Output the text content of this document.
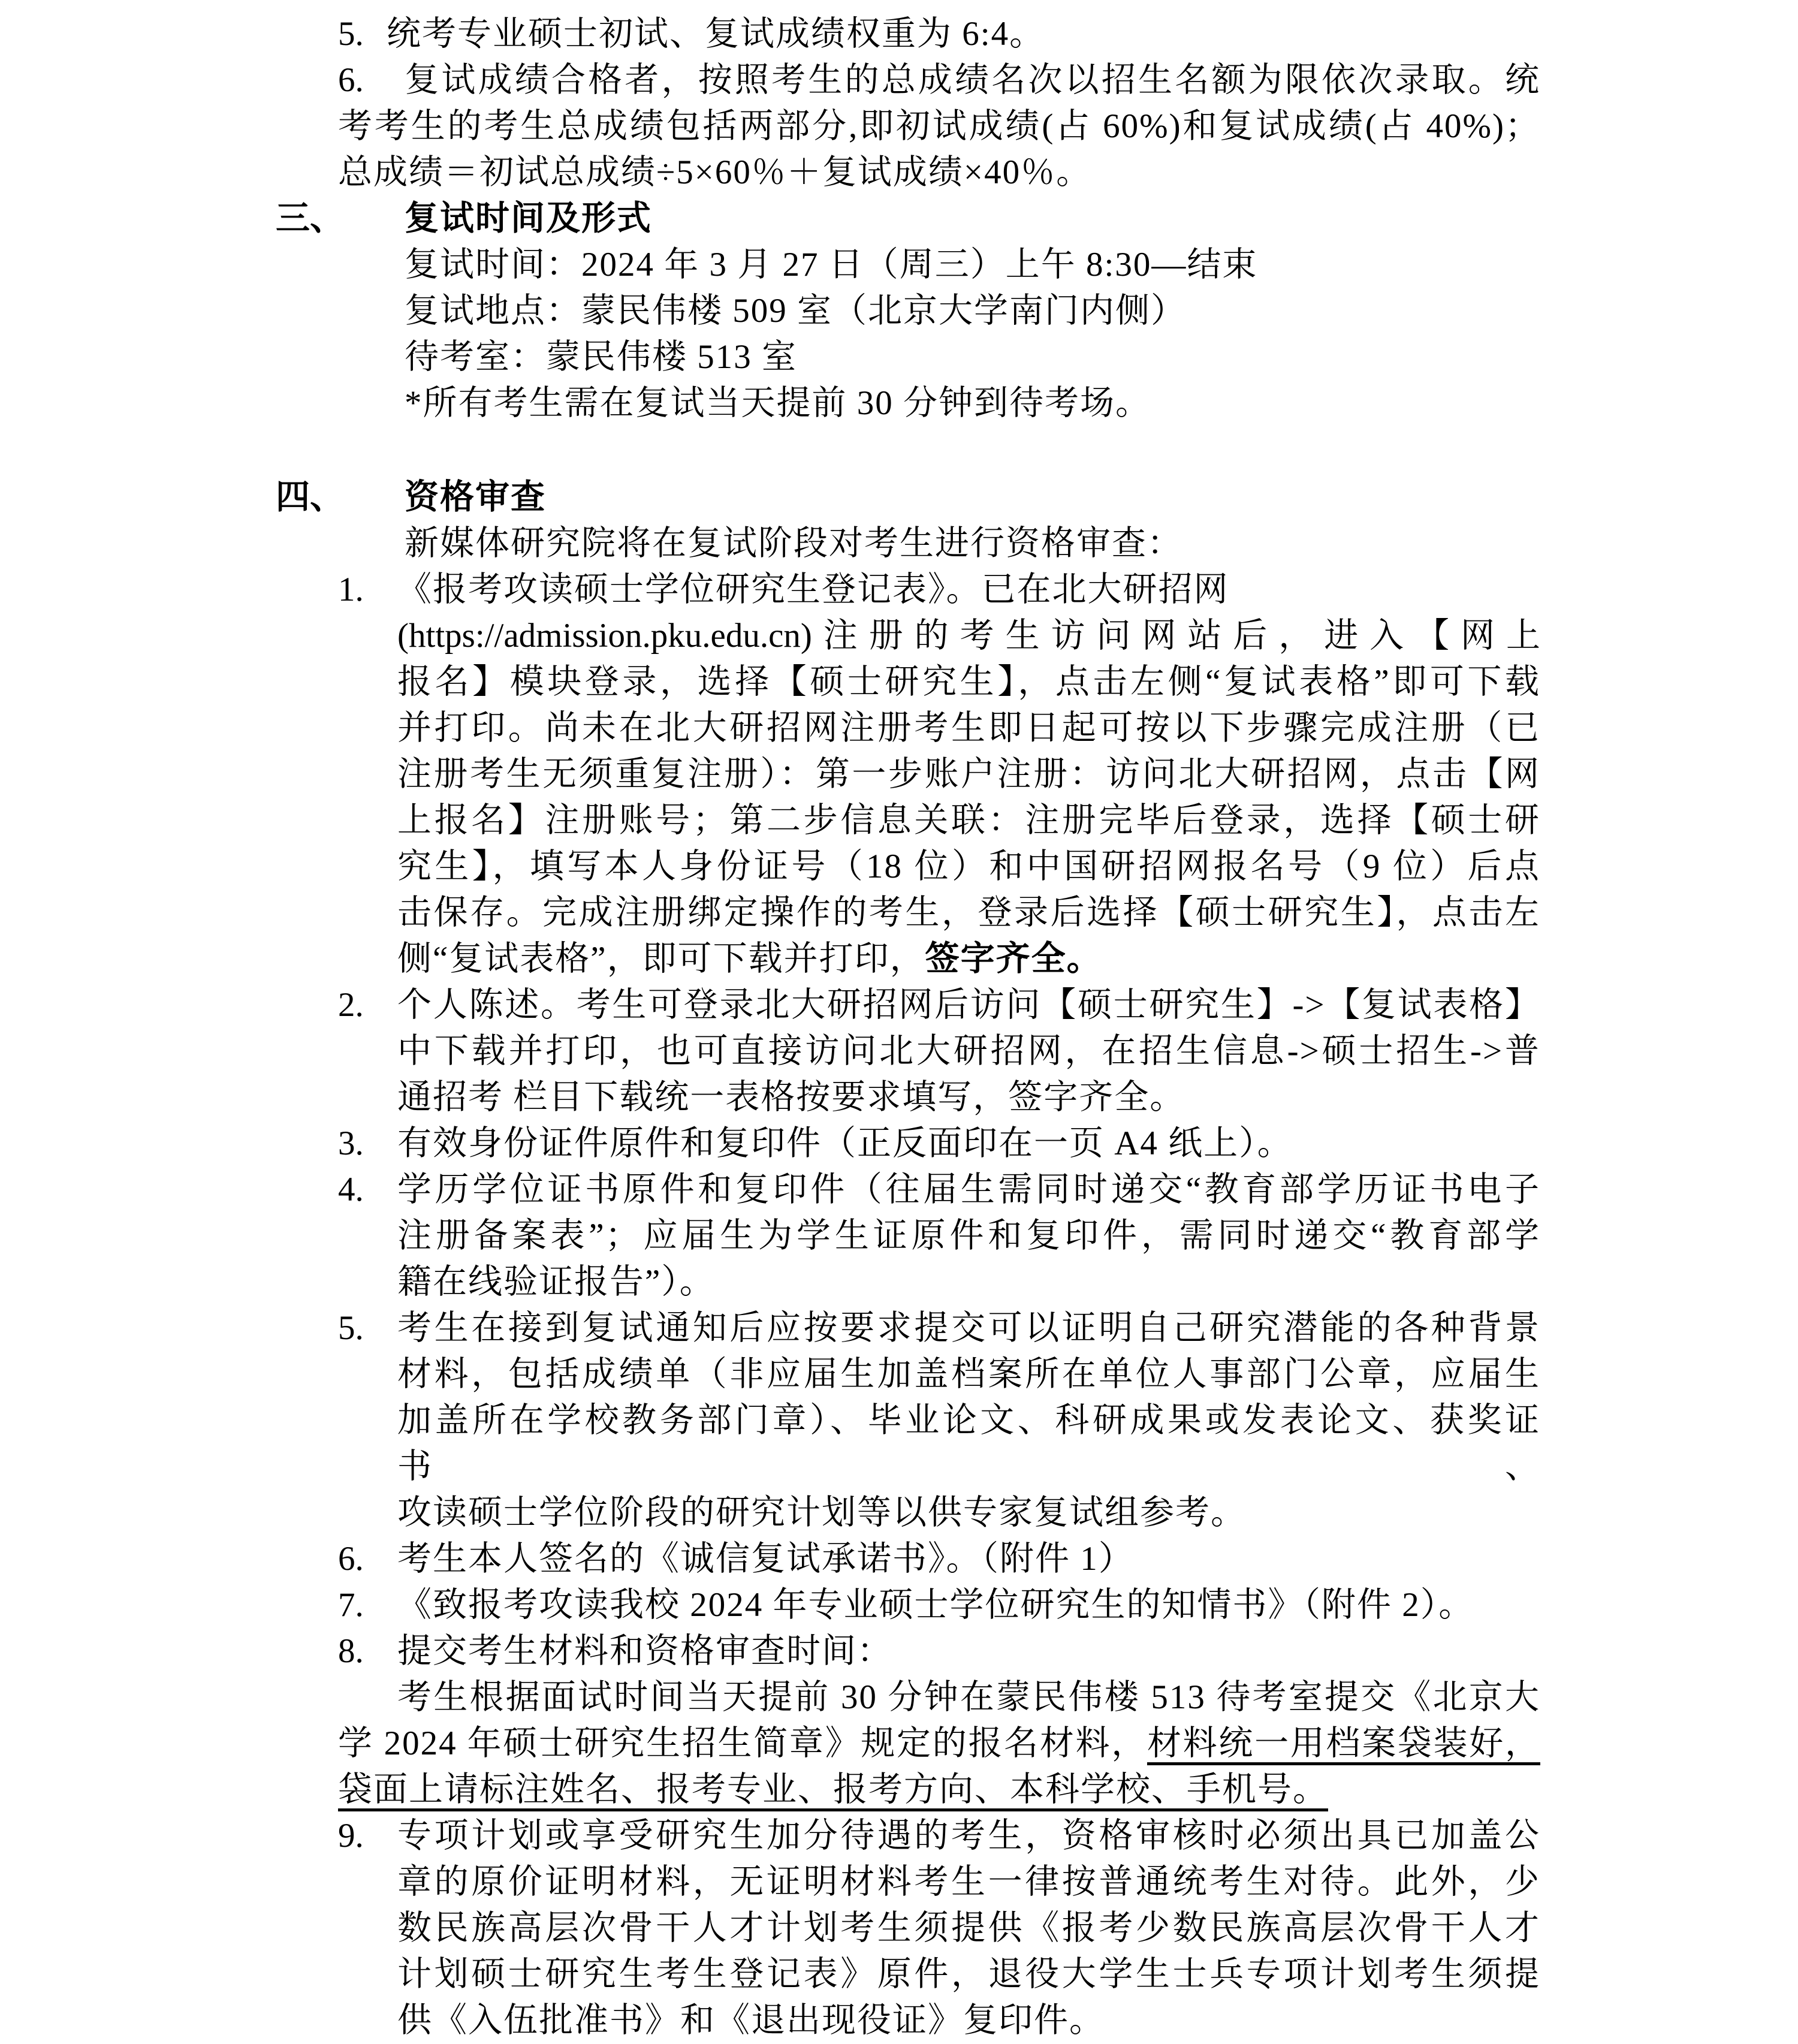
5. 统考专业硕士初试、复试成绩权重为 6:4。
6. 复试成绩合格者，按照考生的总成绩名次以招生名额为限依次录取。统
考考生的考生总成绩包括两部分,即初试成绩(占 60%)和复试成绩(占 40%)；
总成绩＝初试总成绩÷5×60％＋复试成绩×40％。
三、 复试时间及形式
复试时间：2024 年 3 月 27 日（周三）上午 8:30—结束
复试地点：蒙民伟楼 509 室（北京大学南门内侧）
待考室：蒙民伟楼 513 室
*所有考生需在复试当天提前 30 分钟到待考场。
四、 资格审查
新媒体研究院将在复试阶段对考生进行资格审查：
1. 《报考攻读硕士学位研究生登记表》。已在北大研招网
(https://admission.pku.edu.cn)注册的考生访问网站后，进入【网上
报名】模块登录，选择【硕士研究生】，点击左侧“复试表格”即可下载
并打印。尚未在北大研招网注册考生即日起可按以下步骤完成注册（已
注册考生无须重复注册）：第一步账户注册：访问北大研招网，点击【网
上报名】注册账号；第二步信息关联：注册完毕后登录，选择【硕士研
究生】，填写本人身份证号（18 位）和中国研招网报名号（9 位）后点
击保存。完成注册绑定操作的考生，登录后选择【硕士研究生】，点击左
侧“复试表格”，即可下载并打印，签字齐全。
2. 个人陈述。考生可登录北大研招网后访问【硕士研究生】->【复试表格】
中下载并打印，也可直接访问北大研招网，在招生信息->硕士招生->普
通招考 栏目下载统一表格按要求填写，签字齐全。
3. 有效身份证件原件和复印件（正反面印在一页 A4 纸上）。
4. 学历学位证书原件和复印件（往届生需同时递交“教育部学历证书电子
注册备案表”；应届生为学生证原件和复印件，需同时递交“教育部学
籍在线验证报告”）。
5. 考生在接到复试通知后应按要求提交可以证明自己研究潜能的各种背景
材料，包括成绩单（非应届生加盖档案所在单位人事部门公章，应届生
加盖所在学校教务部门章）、毕业论文、科研成果或发表论文、获奖证书、
攻读硕士学位阶段的研究计划等以供专家复试组参考。
6. 考生本人签名的《诚信复试承诺书》。（附件 1）
7. 《致报考攻读我校 2024 年专业硕士学位研究生的知情书》（附件 2）。
8. 提交考生材料和资格审查时间：
考生根据面试时间当天提前 30 分钟在蒙民伟楼 513 待考室提交《北京大
学 2024 年硕士研究生招生简章》规定的报名材料，材料统一用档案袋装好，
袋面上请标注姓名、报考专业、报考方向、本科学校、手机号。
9. 专项计划或享受研究生加分待遇的考生，资格审核时必须出具已加盖公
章的原价证明材料，无证明材料考生一律按普通统考生对待。此外，少
数民族高层次骨干人才计划考生须提供《报考少数民族高层次骨干人才
计划硕士研究生考生登记表》原件，退役大学生士兵专项计划考生须提
供《入伍批准书》和《退出现役证》复印件。
